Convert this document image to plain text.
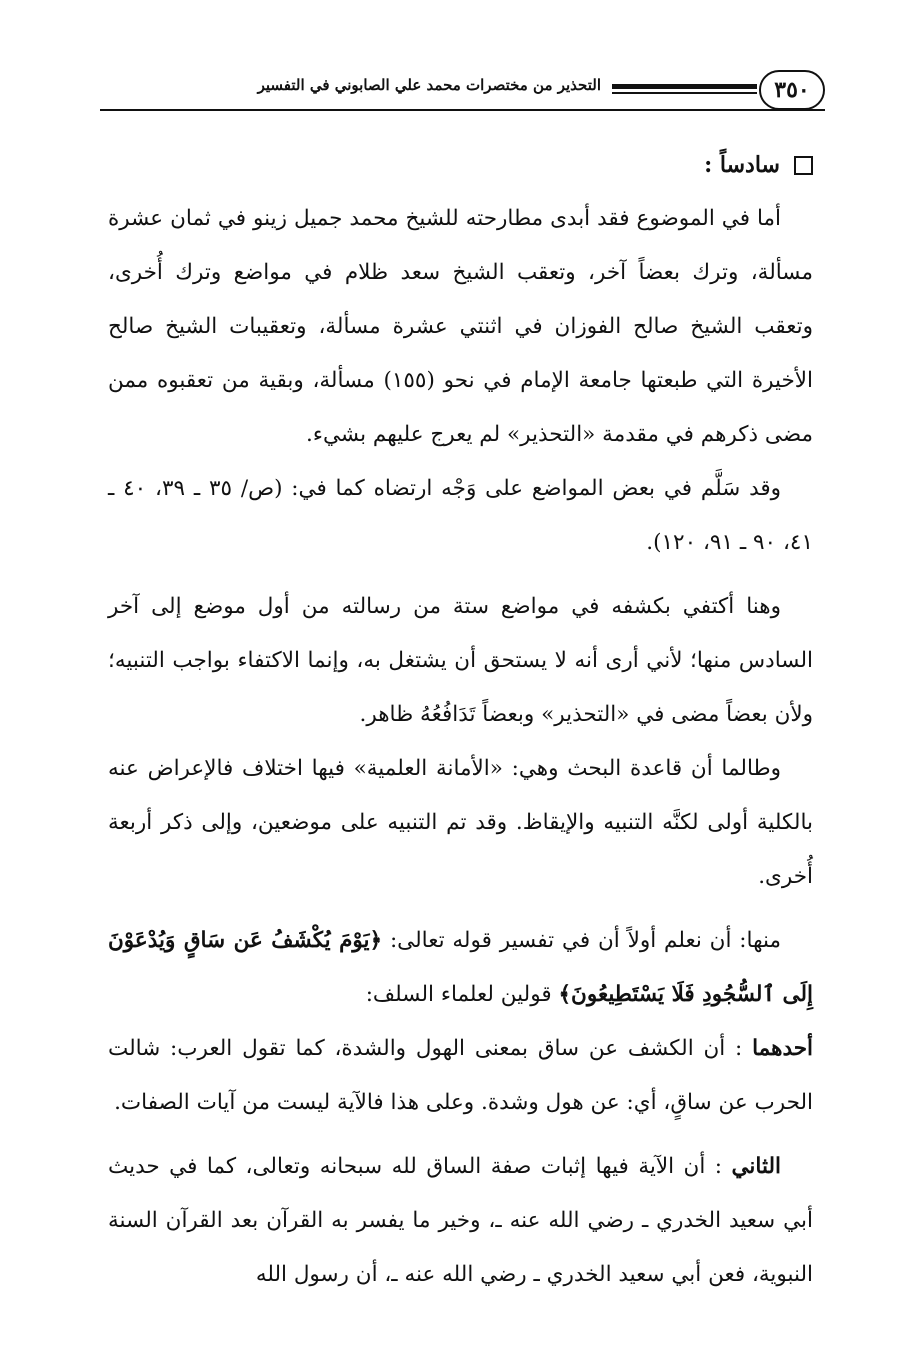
٣٥٠
التحذير من مختصرات محمد علي الصابوني في التفسير
سادساً :

أما في الموضوع فقد أبدى مطارحته للشيخ محمد جميل زينو في ثمان عشرة مسألة، وترك بعضاً آخر، وتعقب الشيخ سعد ظلام في مواضع وترك أُخرى، وتعقب الشيخ صالح الفوزان في اثنتي عشرة مسألة، وتعقيبات الشيخ صالح الأخيرة التي طبعتها جامعة الإمام في نحو (١٥٥) مسألة، وبقية من تعقبوه ممن مضى ذكرهم في مقدمة «التحذير» لم يعرج عليهم بشيء.

وقد سَلَّم في بعض المواضع على وَجْه ارتضاه كما في: (ص/ ٣٥ ـ ٣٩، ٤٠ ـ ٤١، ٩٠ ـ ٩١، ١٢٠).

وهنا أكتفي بكشفه في مواضع ستة من رسالته من أول موضع إلى آخر السادس منها؛ لأني أرى أنه لا يستحق أن يشتغل به، وإنما الاكتفاء بواجب التنبيه؛ ولأن بعضاً مضى في «التحذير» وبعضاً تَدَافُعُهُ ظاهر.

وطالما أن قاعدة البحث وهي: «الأمانة العلمية» فيها اختلاف فالإعراض عنه بالكلية أولى لكنَّه التنبيه والإيقاظ. وقد تم التنبيه على موضعين، وإلى ذكر أربعة أُخرى.

منها: أن نعلم أولاً أن في تفسير قوله تعالى: ﴿يَوْمَ يُكْشَفُ عَن سَاقٍ وَيُدْعَوْنَ إِلَى ٱلسُّجُودِ فَلَا يَسْتَطِيعُونَ﴾ قولين لعلماء السلف:

أحدهما : أن الكشف عن ساق بمعنى الهول والشدة، كما تقول العرب: شالت الحرب عن ساقٍ، أي: عن هول وشدة. وعلى هذا فالآية ليست من آيات الصفات.

الثاني : أن الآية فيها إثبات صفة الساق لله سبحانه وتعالى، كما في حديث أبي سعيد الخدري ـ رضي الله عنه ـ، وخير ما يفسر به القرآن بعد القرآن السنة النبوية، فعن أبي سعيد الخدري ـ رضي الله عنه ـ، أن رسول الله
